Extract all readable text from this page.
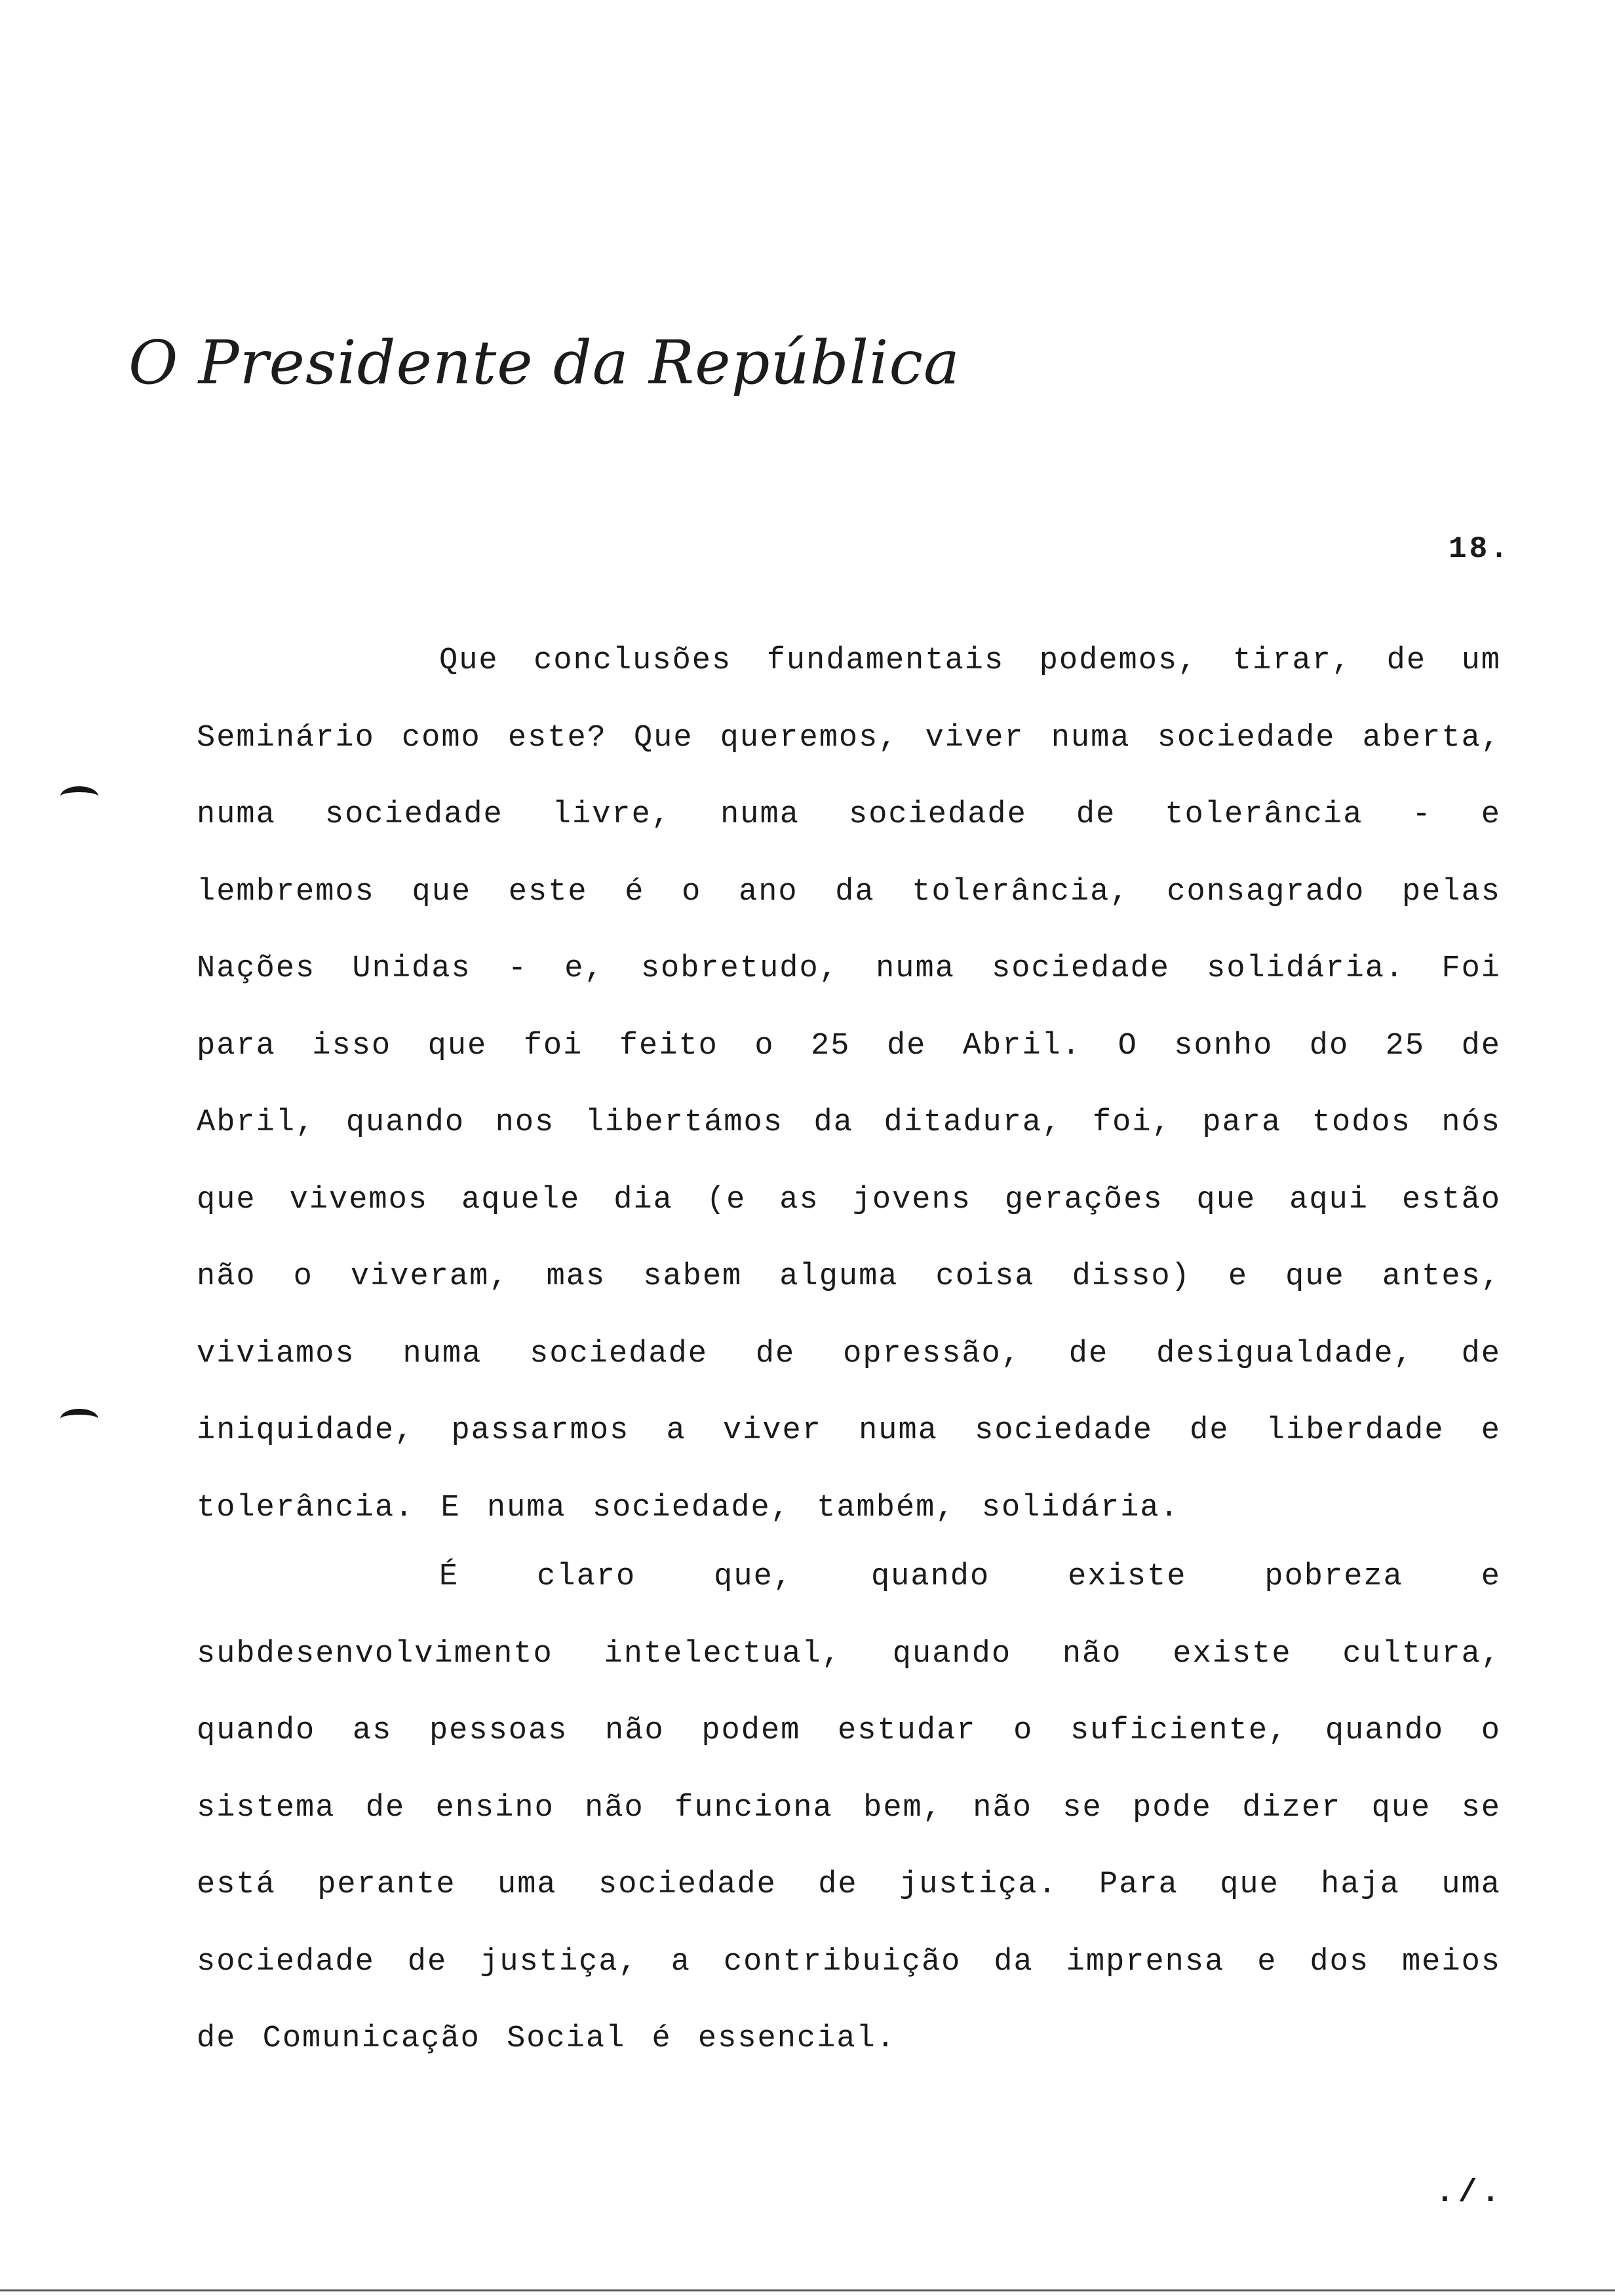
O Presidente da República
18.
Que conclusões fundamentais podemos, tirar, de um Seminário como este? Que queremos, viver numa sociedade aberta, numa sociedade livre, numa sociedade de tolerância - e lembremos que este é o ano da tolerância, consagrado pelas Nações Unidas - e, sobretudo, numa sociedade solidária. Foi para isso que foi feito o 25 de Abril. O sonho do 25 de Abril, quando nos libertámos da ditadura, foi, para todos nós que vivemos aquele dia (e as jovens gerações que aqui estão não o viveram, mas sabem alguma coisa disso) e que antes, viviamos numa sociedade de opressão, de desigualdade, de iniquidade, passarmos a viver numa sociedade de liberdade e tolerância. E numa sociedade, também, solidária.
É claro que, quando existe pobreza e subdesenvolvimento intelectual, quando não existe cultura, quando as pessoas não podem estudar o suficiente, quando o sistema de ensino não funciona bem, não se pode dizer que se está perante uma sociedade de justiça. Para que haja uma sociedade de justiça, a contribuição da imprensa e dos meios de Comunicação Social é essencial.
./.
